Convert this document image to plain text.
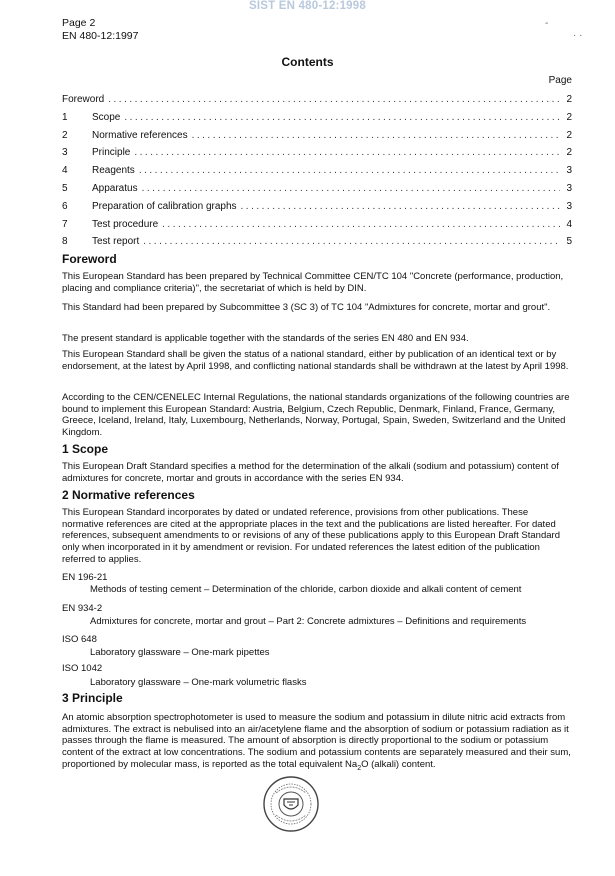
SIST EN 480-12:1998
Page 2
EN 480-12:1997
-
· ·
Contents
Page
Foreword .....	2
1	Scope .....	2
2	Normative references .....	2
3	Principle .....	2
4	Reagents .....	3
5	Apparatus .....	3
6	Preparation of calibration graphs .....	3
7	Test procedure .....	4
8	Test report .....	5
Foreword

This European Standard has been prepared by Technical Committee CEN/TC 104 "Concrete (performance, production, placing and compliance criteria)", the secretariat of which is held by DIN.

This Standard had been prepared by Subcommittee 3 (SC 3) of TC 104 "Admixtures for concrete, mortar and grout".

The present standard is applicable together with the standards of the series EN 480 and EN 934.

This European Standard shall be given the status of a national standard, either by publication of an identical text or by endorsement, at the latest by April 1998, and conflicting national standards shall be withdrawn at the latest by April 1998.

According to the CEN/CENELEC Internal Regulations, the national standards organizations of the following countries are bound to implement this European Standard: Austria, Belgium, Czech Republic, Denmark, Finland, France, Germany, Greece, Iceland, Ireland, Italy, Luxembourg, Netherlands, Norway, Portugal, Spain, Sweden, Switzerland and the United Kingdom.

1 Scope

This European Draft Standard specifies a method for the determination of the alkali (sodium and potassium) content of admixtures for concrete, mortar and grouts in accordance with the series EN 934.

2 Normative references

This European Standard incorporates by dated or undated reference, provisions from other publications. These normative references are cited at the appropriate places in the text and the publications are listed hereafter. For dated references, subsequent amendments to or revisions of any of these publications apply to this European Draft Standard only when incorporated in it by amendment or revision. For undated references the latest edition of the publication referred to applies.

EN 196-21
Methods of testing cement – Determination of the chloride, carbon dioxide and alkali content of cement
EN 934-2
Admixtures for concrete, mortar and grout – Part 2: Concrete admixtures – Definitions and requirements
ISO 648
Laboratory glassware – One-mark pipettes
ISO 1042
Laboratory glassware – One-mark volumetric flasks
3 Principle

An atomic absorption spectrophotometer is used to measure the sodium and potassium in dilute nitric acid extracts from admixtures. The extract is nebulised into an air/acetylene flame and the absorption of sodium or potassium radiation as it passes through the flame is measured. The amount of absorption is directly proportional to the sodium or potassium content of the extract at low concentrations. The sodium and potassium contents are separately measured and their sum, proportioned by molecular mass, is reported as the total equivalent $Na_2O$ (alkali) content.
